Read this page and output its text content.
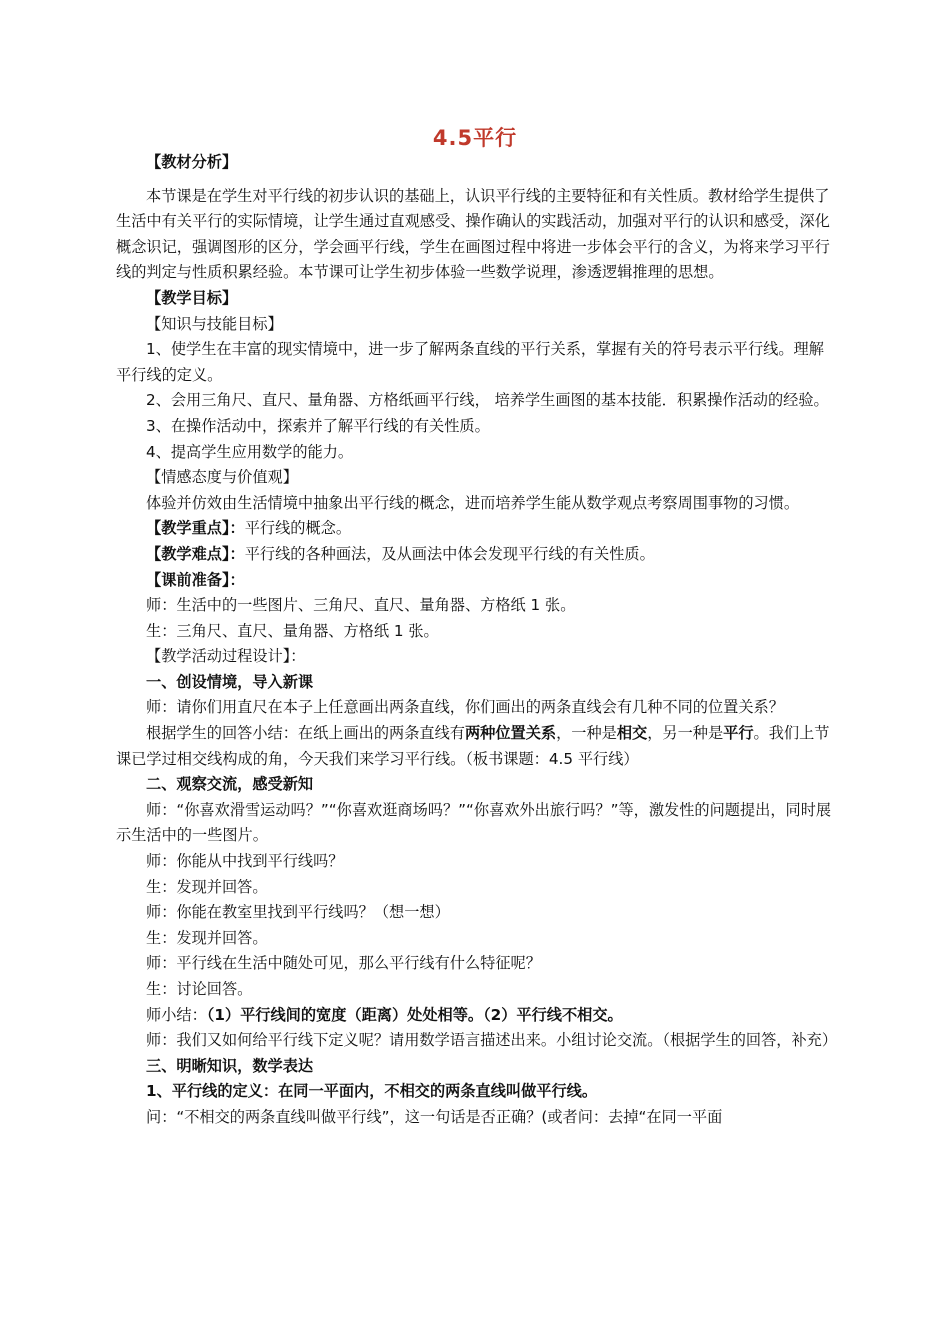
4.5平行

【教材分析】

本节课是在学生对平行线的初步认识的基础上，认识平行线的主要特征和有关性质。教材给学生提供了生活中有关平行的实际情境，让学生通过直观感受、操作确认的实践活动，加强对平行的认识和感受，深化概念识记，强调图形的区分，学会画平行线，学生在画图过程中将进一步体会平行的含义，为将来学习平行线的判定与性质积累经验。本节课可让学生初步体验一些数学说理，渗透逻辑推理的思想。

【教学目标】

【知识与技能目标】

1、使学生在丰富的现实情境中，进一步了解两条直线的平行关系，掌握有关的符号表示平行线。理解平行线的定义。

2、会用三角尺、直尺、量角器、方格纸画平行线， 培养学生画图的基本技能．积累操作活动的经验。

3、在操作活动中，探索并了解平行线的有关性质。

4、提高学生应用数学的能力。

【情感态度与价值观】

体验并仿效由生活情境中抽象出平行线的概念，进而培养学生能从数学观点考察周围事物的习惯。

【教学重点】：平行线的概念。

【教学难点】：平行线的各种画法，及从画法中体会发现平行线的有关性质。

【课前准备】：

师：生活中的一些图片、三角尺、直尺、量角器、方格纸 1 张。

生：三角尺、直尺、量角器、方格纸 1 张。

【教学活动过程设计】：

一、创设情境，导入新课

师：请你们用直尺在本子上任意画出两条直线，你们画出的两条直线会有几种不同的位置关系？

根据学生的回答小结：在纸上画出的两条直线有两种位置关系，一种是相交，另一种是平行。我们上节课已学过相交线构成的角，今天我们来学习平行线。（板书课题：4.5 平行线）

二、观察交流，感受新知

师：“你喜欢滑雪运动吗？”“你喜欢逛商场吗？”“你喜欢外出旅行吗？”等，激发性的问题提出，同时展示生活中的一些图片。

师：你能从中找到平行线吗？

生：发现并回答。

师：你能在教室里找到平行线吗？（想一想）

生：发现并回答。

师：平行线在生活中随处可见，那么平行线有什么特征呢？

生：讨论回答。

师小结：（1）平行线间的宽度（距离）处处相等。（2）平行线不相交。

师：我们又如何给平行线下定义呢？请用数学语言描述出来。小组讨论交流。（根据学生的回答，补充）

三、明晰知识，数学表达

1、平行线的定义：在同一平面内，不相交的两条直线叫做平行线。

问：“不相交的两条直线叫做平行线”，这一句话是否正确？(或者问：去掉“在同一平面
